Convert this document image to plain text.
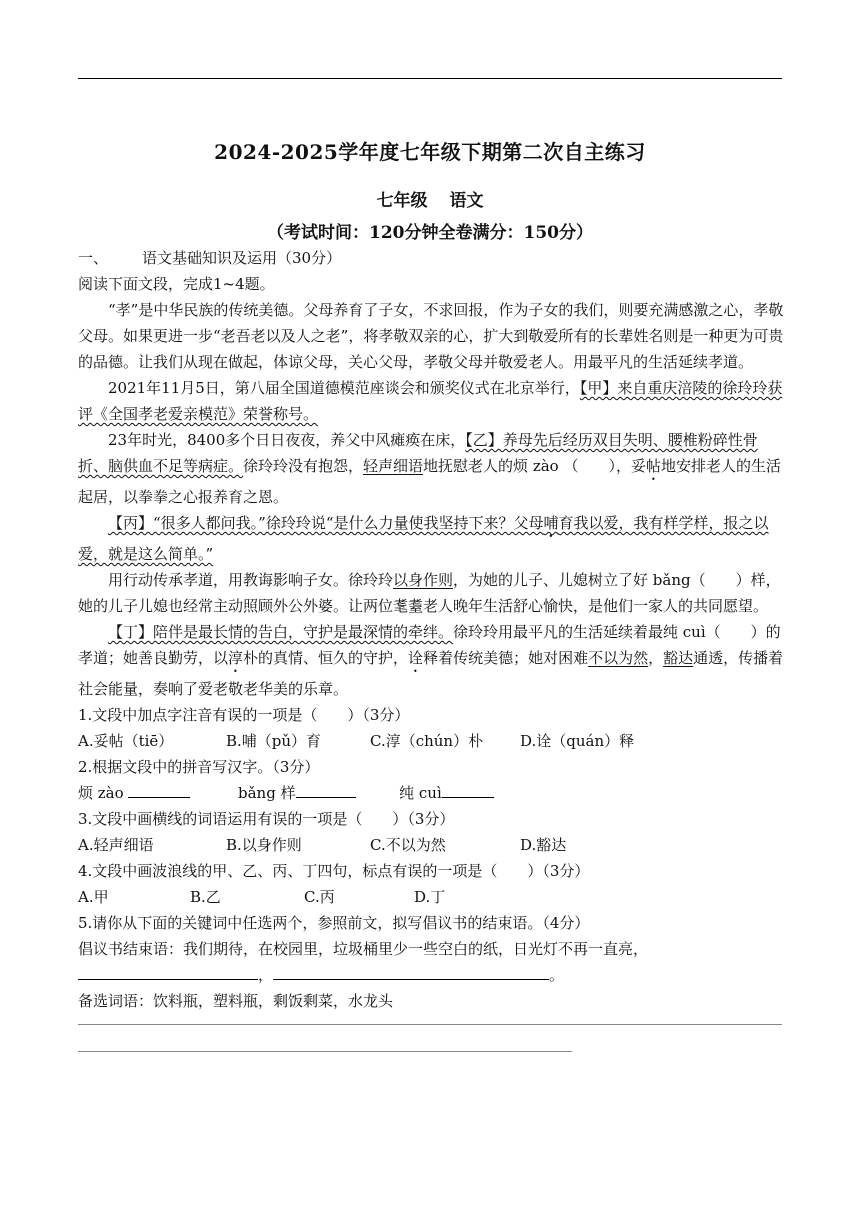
2024-2025学年度七年级下期第二次自主练习
七年级 语文
（考试时间：120分钟全卷满分：150分）

一、 语文基础知识及运用（30分）

阅读下面文段，完成1~4题。

“孝”是中华民族的传统美德。父母养育了子女，不求回报，作为子女的我们，则要充满感激之心，孝敬父母。如果更进一步“老吾老以及人之老”，将孝敬双亲的心，扩大到敬爱所有的长辈姓名则是一种更为可贵的品德。让我们从现在做起，体谅父母，关心父母，孝敬父母并敬爱老人。用最平凡的生活延续孝道。

2021年11月5日，第八届全国道德模范座谈会和颁奖仪式在北京举行，【甲】来自重庆涪陵的徐玲玲获评《全国孝老爱亲模范》荣誉称号。

23年时光，8400多个日日夜夜，养父中风瘫痪在床，【乙】养母先后经历双目失明、腰椎粉碎性骨折、脑供血不足等病症。徐玲玲没有抱怨，轻声细语地抚慰老人的烦 zào （　　），妥帖地安排老人的生活起居，以拳拳之心报养育之恩。

【丙】“很多人都问我。”徐玲玲说“是什么力量使我坚持下来？父母哺育我以爱，我有样学样，报之以爱，就是这么简单。”

用行动传承孝道，用教诲影响子女。徐玲玲以身作则，为她的儿子、儿媳树立了好 bǎng（　　）样，她的儿子儿媳也经常主动照顾外公外婆。让两位耄耋老人晚年生活舒心愉快，是他们一家人的共同愿望。

【丁】陪伴是最长情的告白，守护是最深情的牵绊。徐玲玲用最平凡的生活延续着最纯 cuì（　　）的孝道；她善良勤劳，以淳朴的真情、恒久的守护，诠释着传统美德；她对困难不以为然，豁达通透，传播着社会能量，奏响了爱老敬老华美的乐章。

1.文段中加点字注音有误的一项是（　　）（3分）

A.妥帖（tiē）	B.哺（pǔ）育	C.淳（chún）朴	D.诠（quán）释

2.根据文段中的拼音写汉字。（3分）

烦 zào	bǎng 样	纯 cuì

3.文段中画横线的词语运用有误的一项是（　　）（3分）

A.轻声细语	B.以身作则	C.不以为然	D.豁达

4.文段中画波浪线的甲、乙、丙、丁四句，标点有误的一项是（　　）（3分）

A.甲	B.乙	C.丙	D.丁

5.请你从下面的关键词中任选两个，参照前文，拟写倡议书的结束语。（4分）

倡议书结束语：我们期待，在校园里，垃圾桶里少一些空白的纸，日光灯不再一直亮，

，	。

备选词语：饮料瓶，塑料瓶，剩饭剩菜，水龙头
